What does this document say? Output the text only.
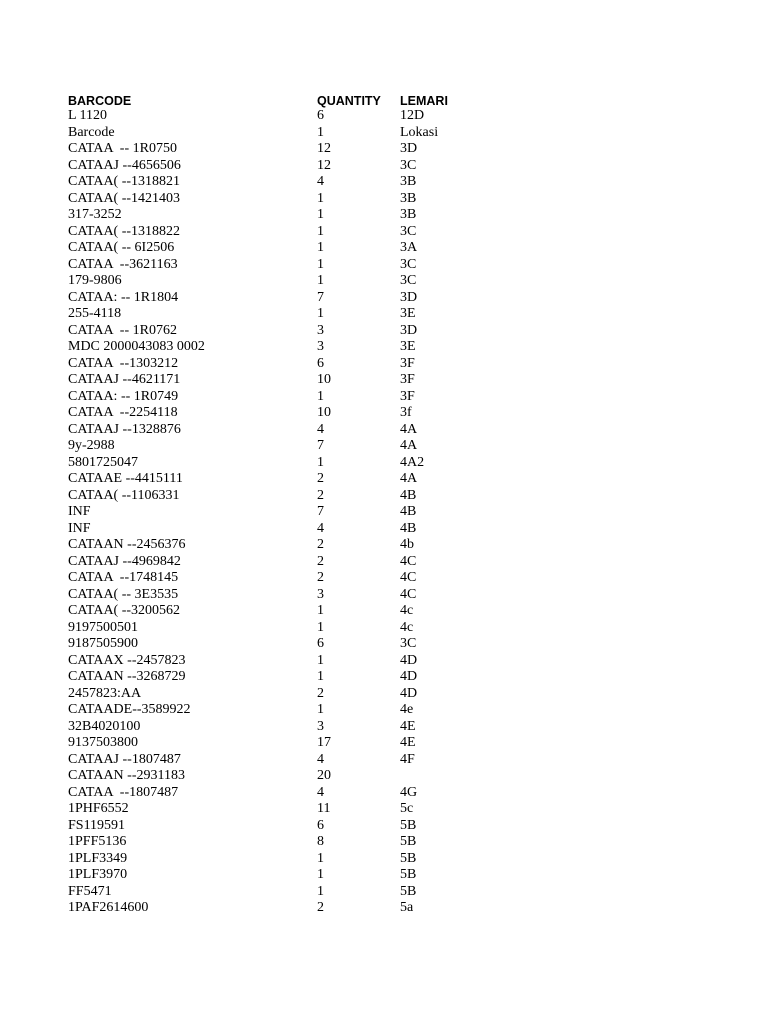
BARCODE	QUANTITY	LEMARI
L 1120	6	12D
Barcode	1	Lokasi
CATAA  -- 1R0750	12	3D
CATAAJ --4656506	12	3C
CATAA( --1318821	4	3B
CATAA( --1421403	1	3B
317-3252	1	3B
CATAA( --1318822	1	3C
CATAA( -- 6I2506	1	3A
CATAA  --3621163	1	3C
179-9806	1	3C
CATAA: -- 1R1804	7	3D
255-4118	1	3E
CATAA  -- 1R0762	3	3D
MDC 2000043083 0002	3	3E
CATAA  --1303212	6	3F
CATAAJ --4621171	10	3F
CATAA: -- 1R0749	1	3F
CATAA  --2254118	10	3f
CATAAJ --1328876	4	4A
9y-2988	7	4A
5801725047	1	4A2
CATAAE --4415111	2	4A
CATAA( --1106331	2	4B
INF	7	4B
INF	4	4B
CATAAN --2456376	2	4b
CATAAJ --4969842	2	4C
CATAA  --1748145	2	4C
CATAA( -- 3E3535	3	4C
CATAA( --3200562	1	4c
9197500501	1	4c
9187505900	6	3C
CATAAX --2457823	1	4D
CATAAN --3268729	1	4D
2457823:AA	2	4D
CATAADE--3589922	1	4e
32B4020100	3	4E
9137503800	17	4E
CATAAJ --1807487	4	4F
CATAAN --2931183	20	
CATAA  --1807487	4	4G
1PHF6552	11	5c
FS119591	6	5B
1PFF5136	8	5B
1PLF3349	1	5B
1PLF3970	1	5B
FF5471	1	5B
1PAF2614600	2	5a
